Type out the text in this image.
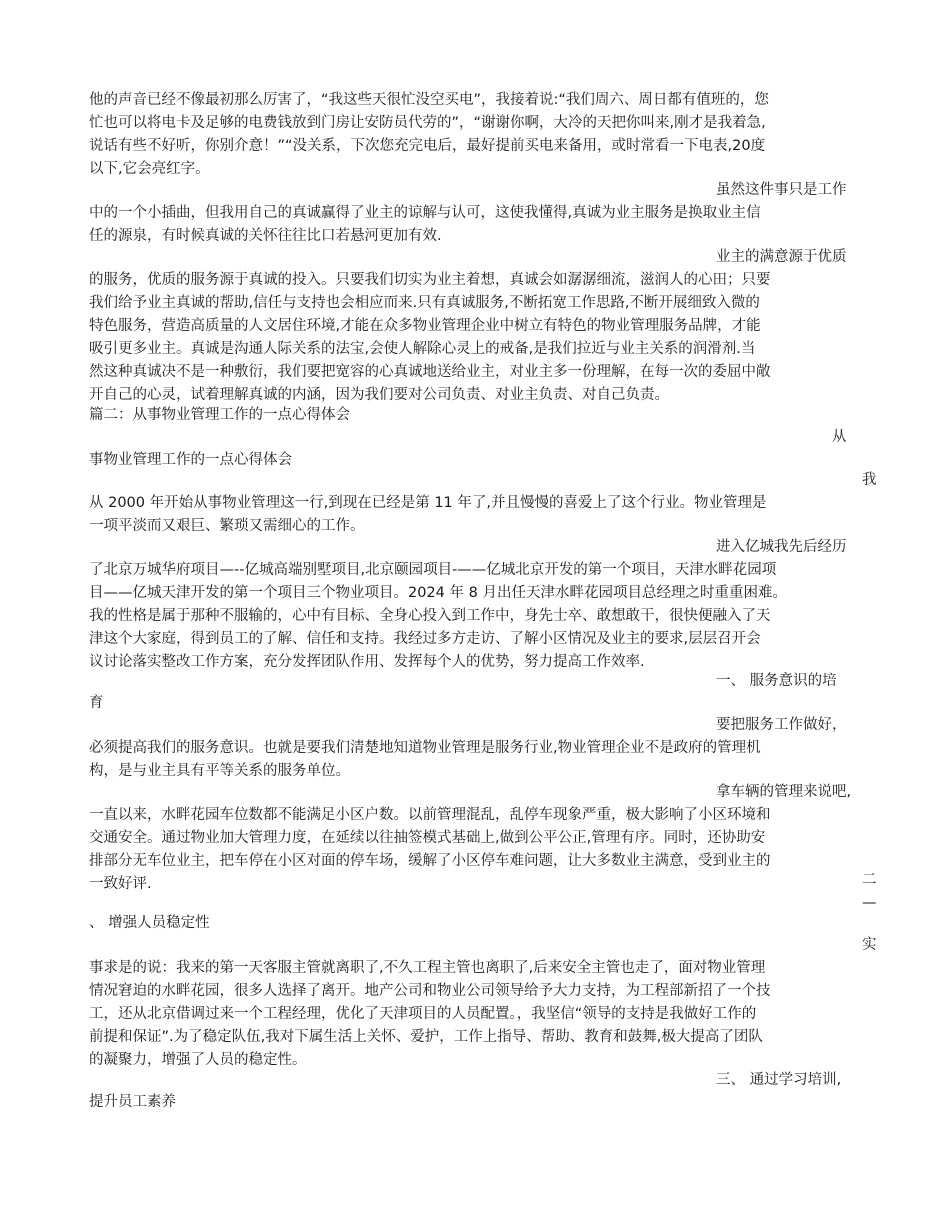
他的声音已经不像最初那么厉害了，“我这些天很忙没空买电”，我接着说:“我们周六、周日都有值班的，您
忙也可以将电卡及足够的电费钱放到门房让安防员代劳的”，“谢谢你啊，大冷的天把你叫来,刚才是我着急,
说话有些不好听，你别介意！”“没关系，下次您充完电后，最好提前买电来备用，或时常看一下电表,20度
以下,它会亮红字。
虽然这件事只是工作
中的一个小插曲，但我用自己的真诚赢得了业主的谅解与认可，这使我懂得,真诚为业主服务是换取业主信
任的源泉，有时候真诚的关怀往往比口若悬河更加有效.
业主的满意源于优质
的服务，优质的服务源于真诚的投入。只要我们切实为业主着想，真诚会如潺潺细流，滋润人的心田；只要
我们给予业主真诚的帮助,信任与支持也会相应而来.只有真诚服务,不断拓宽工作思路,不断开展细致入微的
特色服务，营造高质量的人文居住环境,才能在众多物业管理企业中树立有特色的物业管理服务品牌，才能
吸引更多业主。真诚是沟通人际关系的法宝,会使人解除心灵上的戒备,是我们拉近与业主关系的润滑剂.当
然这种真诚决不是一种敷衍，我们要把宽容的心真诚地送给业主，对业主多一份理解，在每一次的委屈中敞
开自己的心灵，试着理解真诚的内涵，因为我们要对公司负责、对业主负责、对自己负责。
篇二：从事物业管理工作的一点心得体会
从
事物业管理工作的一点心得体会
我
从 2000 年开始从事物业管理这一行,到现在已经是第 11 年了,并且慢慢的喜爱上了这个行业。物业管理是
一项平淡而又艰巨、繁琐又需细心的工作。
进入亿城我先后经历
了北京万城华府项目—--亿城高端别墅项目,北京颐园项目-——亿城北京开发的第一个项目，天津水畔花园项
目——亿城天津开发的第一个项目三个物业项目。2024 年 8 月出任天津水畔花园项目总经理之时重重困难。
我的性格是属于那种不服输的，心中有目标、全身心投入到工作中，身先士卒、敢想敢干，很快便融入了天
津这个大家庭，得到员工的了解、信任和支持。我经过多方走访、了解小区情况及业主的要求,层层召开会
议讨论落实整改工作方案，充分发挥团队作用、发挥每个人的优势，努力提高工作效率.
一、 服务意识的培
育
要把服务工作做好，
必须提高我们的服务意识。也就是要我们清楚地知道物业管理是服务行业,物业管理企业不是政府的管理机
构，是与业主具有平等关系的服务单位。
拿车辆的管理来说吧,
一直以来，水畔花园车位数都不能满足小区户数。以前管理混乱，乱停车现象严重，极大影响了小区环境和
交通安全。通过物业加大管理力度，在延续以往抽签模式基础上,做到公平公正,管理有序。同时，还协助安
排部分无车位业主，把车停在小区对面的停车场，缓解了小区停车难问题，让大多数业主满意，受到业主的
一致好评.	二
—
、 增强人员稳定性
实
事求是的说：我来的第一天客服主管就离职了,不久工程主管也离职了,后来安全主管也走了，面对物业管理
情况窘迫的水畔花园，很多人选择了离开。地产公司和物业公司领导给予大力支持，为工程部新招了一个技
工，还从北京借调过来一个工程经理，优化了天津项目的人员配置。，我坚信“领导的支持是我做好工作的
前提和保证”.为了稳定队伍,我对下属生活上关怀、爱护，工作上指导、帮助、教育和鼓舞,极大提高了团队
的凝聚力，增强了人员的稳定性。
三、 通过学习培训,
提升员工素养
